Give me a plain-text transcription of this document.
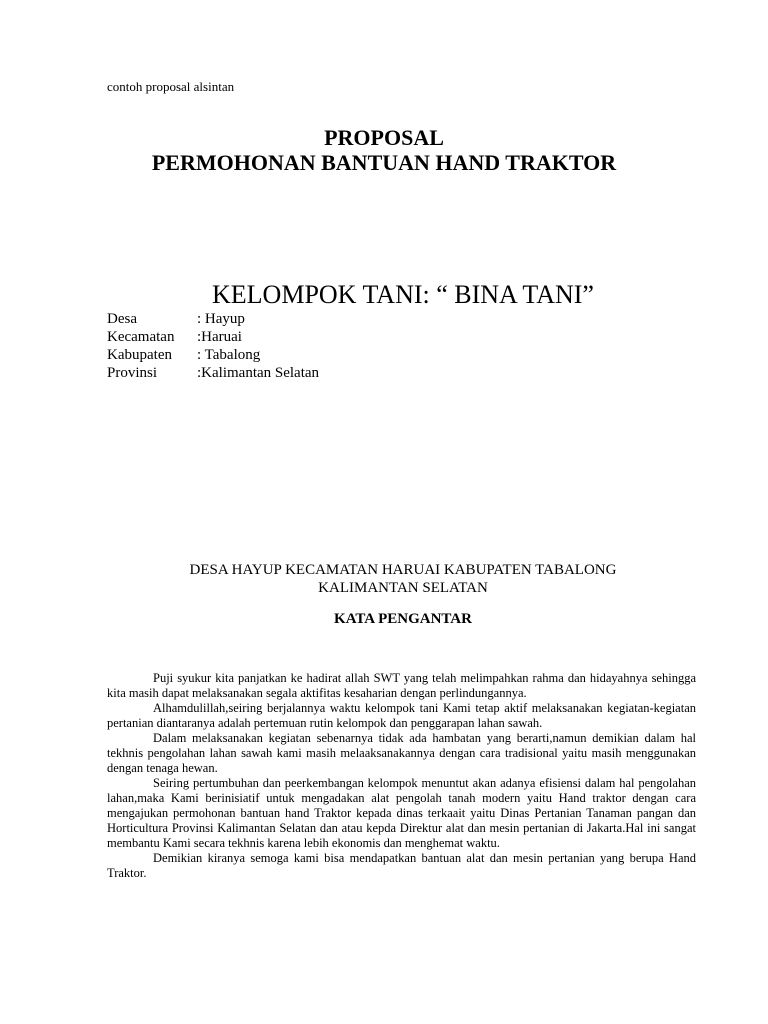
contoh proposal alsintan
PROPOSAL
PERMOHONAN BANTUAN HAND TRAKTOR
KELOMPOK TANI: “ BINA TANI”
Desa	: Hayup
Kecamatan	:Haruai
Kabupaten	: Tabalong
Provinsi	:Kalimantan Selatan
DESA HAYUP KECAMATAN HARUAI KABUPATEN TABALONG
KALIMANTAN SELATAN
KATA PENGANTAR

Puji syukur kita panjatkan ke hadirat allah SWT yang telah melimpahkan rahma dan hidayahnya sehingga kita masih dapat melaksanakan segala aktifitas kesaharian dengan perlindungannya.

Alhamdulillah,seiring berjalannya waktu kelompok tani Kami tetap aktif melaksanakan kegiatan-kegiatan pertanian diantaranya adalah pertemuan rutin kelompok dan penggarapan lahan sawah.

Dalam melaksanakan kegiatan sebenarnya tidak ada hambatan yang berarti,namun demikian dalam hal tekhnis pengolahan lahan sawah kami masih melaaksanakannya dengan cara tradisional yaitu masih menggunakan dengan tenaga hewan.

Seiring pertumbuhan dan peerkembangan kelompok menuntut akan adanya efisiensi dalam hal pengolahan lahan,maka Kami berinisiatif untuk mengadakan alat pengolah tanah modern yaitu Hand traktor dengan cara mengajukan permohonan bantuan hand Traktor kepada dinas terkaait yaitu Dinas Pertanian Tanaman pangan dan Horticultura Provinsi Kalimantan Selatan dan atau kepda Direktur alat dan mesin pertanian di Jakarta.Hal ini sangat membantu Kami secara tekhnis karena lebih ekonomis dan menghemat waktu.

Demikian kiranya semoga kami bisa mendapatkan bantuan alat dan mesin pertanian yang berupa Hand Traktor.
